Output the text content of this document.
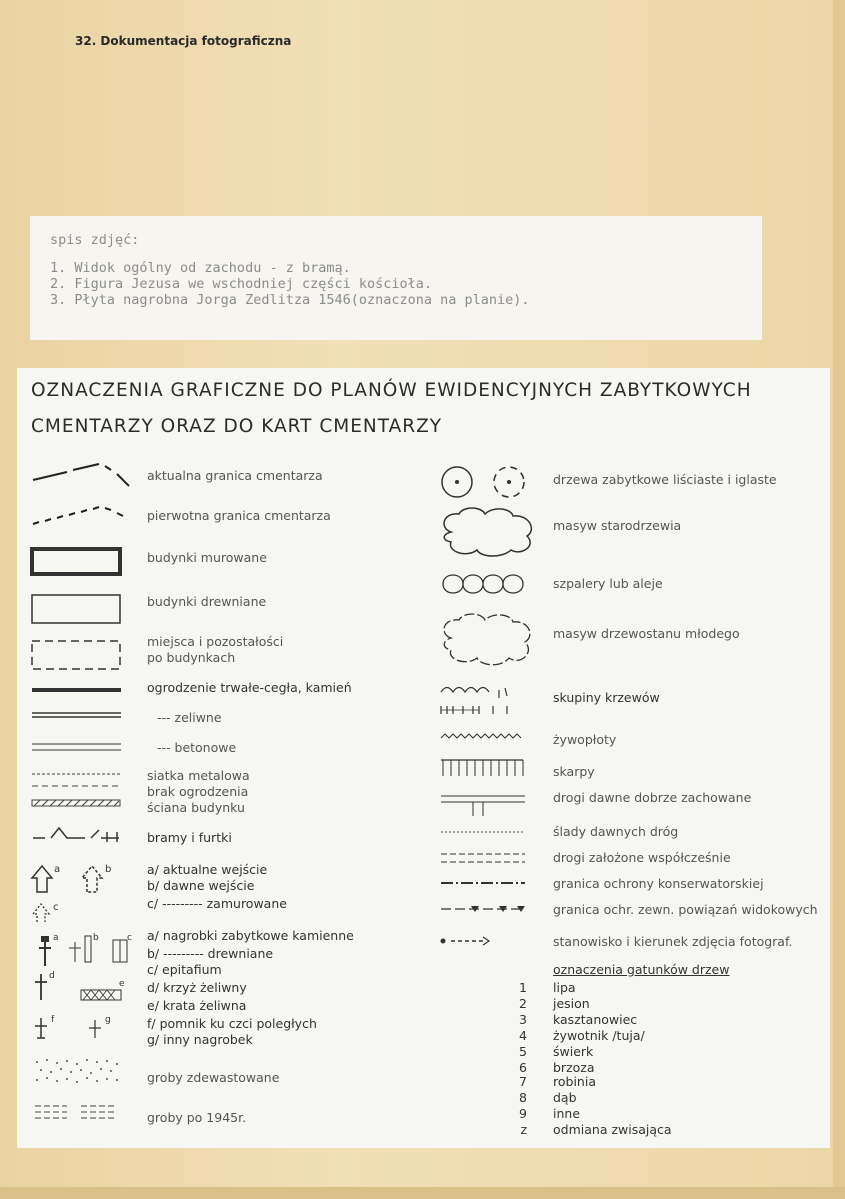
32. Dokumentacja fotograficzna
spis zdjęć:
1. Widok ogólny od zachodu - z bramą.
2. Figura Jezusa we wschodniej części kościoła.
3. Płyta nagrobna Jorga Zedlitza 1546(oznaczona na planie).
OZNACZENIA GRAFICZNE DO PLANÓW EWIDENCYJNYCH ZABYTKOWYCH
CMENTARZY ORAZ DO KART CMENTARZY
a	b
c
a	b	c
d
e
f	g
aktualna granica cmentarza
pierwotna granica cmentarza
budynki murowane
budynki drewniane
miejsca i pozostałości
po budynkach
ogrodzenie trwałe-cegła, kamień
--- zeliwne
--- betonowe
siatka metalowa
brak ogrodzenia
ściana budynku
bramy i furtki
a/ aktualne wejście
b/ dawne wejście
c/ --------- zamurowane
a/ nagrobki zabytkowe kamienne
b/ --------- drewniane
c/ epitafium
d/ krzyż żeliwny
e/ krata żeliwna
f/ pomnik ku czci poległych
g/ inny nagrobek
groby zdewastowane
groby po 1945r.
drzewa zabytkowe liściaste i iglaste
masyw starodrzewia
szpalery lub aleje
masyw drzewostanu młodego
skupiny krzewów
żywopłoty
skarpy
drogi dawne dobrze zachowane
ślady dawnych dróg
drogi założone współcześnie
granica ochrony konserwatorskiej
granica ochr. zewn. powiązań widokowych
stanowisko i kierunek zdjęcia fotograf.
oznaczenia gatunków drzew
1 lipa
2 jesion
3 kasztanowiec
4 żywotnik /tuja/
5 świerk
6 brzoza
7 robinia
8 dąb
9 inne
z odmiana zwisająca
